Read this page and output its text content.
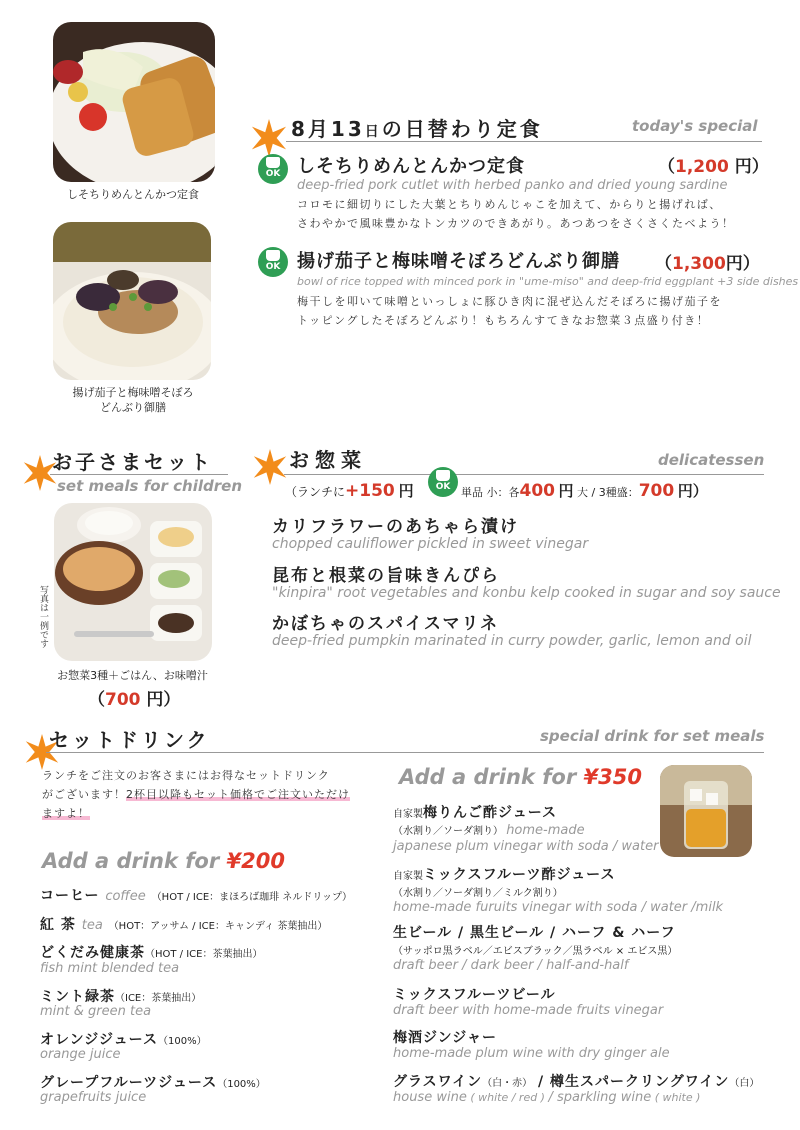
しそちりめんとんかつ定食
揚げ茄子と梅味噌そぼろ
どんぶり御膳
8月13日の日替わり定食	today's special
OK しそちりめんとんかつ定食	（1,200 円）
deep-fried pork cutlet with herbed panko and dried young sardine
コロモに細切りにした大葉とちりめんじゃこを加えて、からりと揚げれば、
さわやかで風味豊かなトンカツのできあがり。あつあつをさくさくたべよう！
OK 揚げ茄子と梅味噌そぼろどんぶり御膳 （1,300円）
bowl of rice topped with minced pork in "ume-miso" and deep-frid eggplant +3 side dishes
梅干しを叩いて味噌といっしょに豚ひき肉に混ぜ込んだそぼろに揚げ茄子を
トッピングしたそぼろどんぶり！もちろんすてきなお惣菜３点盛り付き！
お子さまセット
set meals for children
写真は一例です
お惣菜3種＋ごはん、お味噌汁
（700 円）
お惣菜	delicatessen
（ランチに+150 円	OK 単品 小：各400 円 大 / 3種盛：700 円）
カリフラワーのあちゃら漬け
chopped cauliflower pickled in sweet vinegar
昆布と根菜の旨味きんぴら
"kinpira" root vegetables and konbu kelp cooked in sugar and soy sauce
かぼちゃのスパイスマリネ
deep-fried pumpkin marinated in curry powder, garlic, lemon and oil
セットドリンク	special drink for set meals
ランチをご注文のお客さまにはお得なセットドリンク
がございます！2杯目以降もセット価格でご注文いただけ
ますよ！
Add a drink for ¥200
コーヒー coffee （HOT / ICE：まほろば珈琲 ネルドリップ）
紅 茶 tea （HOT：アッサム / ICE：キャンディ 茶葉抽出）
どくだみ健康茶（HOT / ICE：茶葉抽出）
fish mint blended tea
ミント緑茶（ICE：茶葉抽出）
mint & green tea
オレンジジュース（100%）
orange juice
グレープフルーツジュース（100%）
grapefruits juice
Add a drink for ¥350
自家製梅りんご酢ジュース
（水割り／ソーダ割り） home-made
japanese plum vinegar with soda / water
自家製ミックスフルーツ酢ジュース
（水割り／ソーダ割り／ミルク割り）
home-made furuits vinegar with soda / water /milk
生ビール / 黒生ビール / ハーフ & ハーフ
（サッポロ黒ラベル／エビスブラック／黒ラベル × エビス黒）
draft beer / dark beer / half-and-half
ミックスフルーツビール
draft beer with home-made fruits vinegar
梅酒ジンジャー
home-made plum wine with dry ginger ale
グラスワイン（白・赤） / 樽生スパークリングワイン（白）
house wine ( white / red ) / sparkling wine ( white )
